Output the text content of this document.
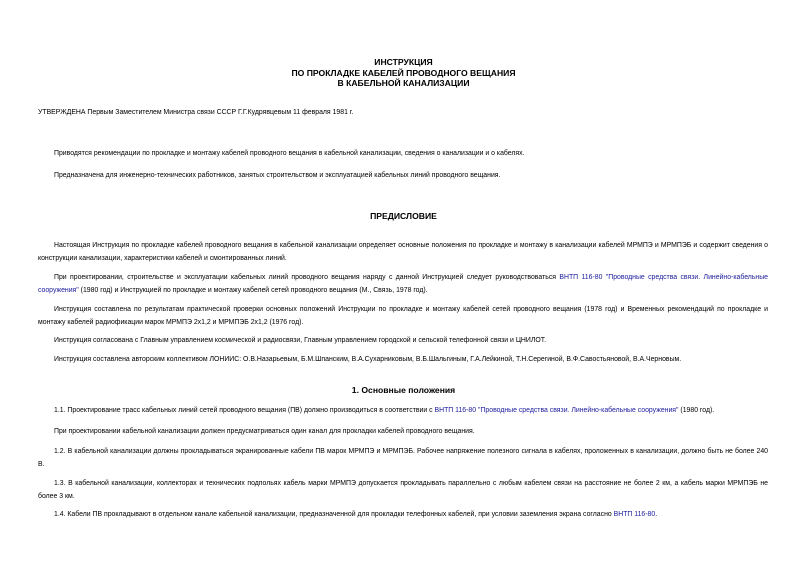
ИНСТРУКЦИЯ
ПО ПРОКЛАДКЕ КАБЕЛЕЙ ПРОВОДНОГО ВЕЩАНИЯ
В КАБЕЛЬНОЙ КАНАЛИЗАЦИИ
УТВЕРЖДЕНА Первым Заместителем Министра связи СССР Г.Г.Кудрявцевым 11 февраля 1981 г.
Приводятся рекомендации по прокладке и монтажу кабелей проводного вещания в кабельной канализации, сведения о канализации и о кабелях.
Предназначена для инженерно-технических работников, занятых строительством и эксплуатацией кабельных линий проводного вещания.
ПРЕДИСЛОВИЕ
Настоящая Инструкция по прокладке кабелей проводного вещания в кабельной канализации определяет основные положения по прокладке и монтажу в канализации кабелей МРМПЭ и МРМПЭБ и содержит сведения о конструкции канализации, характеристики кабелей и смонтированных линий.
При проектировании, строительстве и эксплуатации кабельных линий проводного вещания наряду с данной Инструкцией следует руководствоваться ВНТП 116-80 "Проводные средства связи. Линейно-кабельные сооружения" (1980 год) и Инструкцией по прокладке и монтажу кабелей сетей проводного вещания (М., Связь, 1978 год).
Инструкция составлена по результатам практической проверки основных положений Инструкции по прокладке и монтажу кабелей сетей проводного вещания (1978 год) и Временных рекомендаций по прокладке и монтажу кабелей радиофикации марок МРМПЭ 2x1,2 и МРМПЭБ 2x1,2 (1976 год).
Инструкция согласована с Главным управлением космической и радиосвязи, Главным управлением городской и сельской телефонной связи и ЦНИЛОТ.
Инструкция составлена авторским коллективом ЛОНИИС: О.В.Назарьевым, Б.М.Шпанским, В.А.Сухарниковым, В.Б.Шальгиным, Г.А.Лейкиной, Т.Н.Серегиной, В.Ф.Савостьяновой, В.А.Черновым.
1. Основные положения
1.1. Проектирование трасс кабельных линий сетей проводного вещания (ПВ) должно производиться в соответствии с ВНТП 116-80 "Проводные средства связи. Линейно-кабельные сооружения" (1980 год).
При проектировании кабельной канализации должен предусматриваться один канал для прокладки кабелей проводного вещания.
1.2. В кабельной канализации должны прокладываться экранированные кабели ПВ марок МРМПЭ и МРМПЭБ. Рабочее напряжение полезного сигнала в кабелях, проложенных в канализации, должно быть не более 240 В.
1.3. В кабельной канализации, коллекторах и технических подпольях кабель марки МРМПЭ допускается прокладывать параллельно с любым кабелем связи на расстояние не более 2 км, а кабель марки МРМПЭБ не более 3 км.
1.4. Кабели ПВ прокладывают в отдельном канале кабельной канализации, предназначенной для прокладки телефонных кабелей, при условии заземления экрана согласно ВНТП 116-80.
